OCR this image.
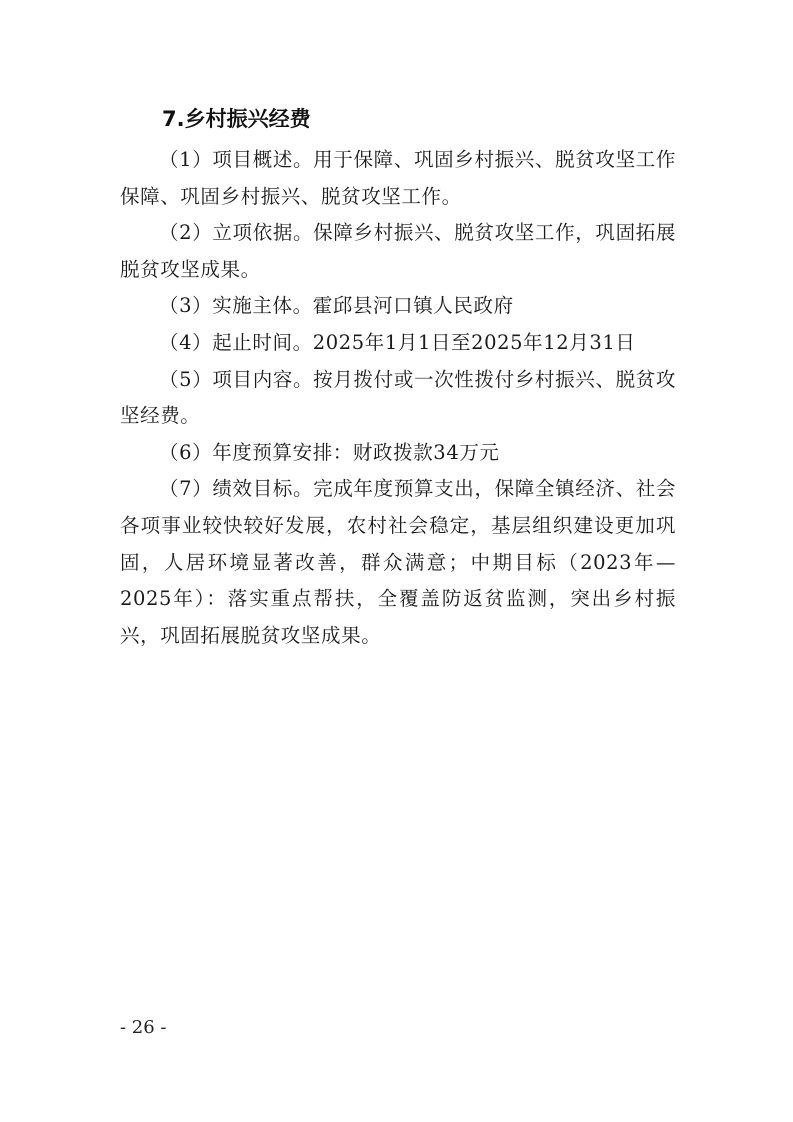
7.乡村振兴经费

（1）项目概述。用于保障、巩固乡村振兴、脱贫攻坚工作保障、巩固乡村振兴、脱贫攻坚工作。

（2）立项依据。保障乡村振兴、脱贫攻坚工作，巩固拓展脱贫攻坚成果。

（3）实施主体。霍邱县河口镇人民政府

（4）起止时间。2025年1月1日至2025年12月31日

（5）项目内容。按月拨付或一次性拨付乡村振兴、脱贫攻坚经费。

（6）年度预算安排：财政拨款34万元

（7）绩效目标。完成年度预算支出，保障全镇经济、社会各项事业较快较好发展，农村社会稳定，基层组织建设更加巩固，人居环境显著改善，群众满意；中期目标（2023年—2025年）：落实重点帮扶，全覆盖防返贫监测，突出乡村振兴，巩固拓展脱贫攻坚成果。

- 26 -
